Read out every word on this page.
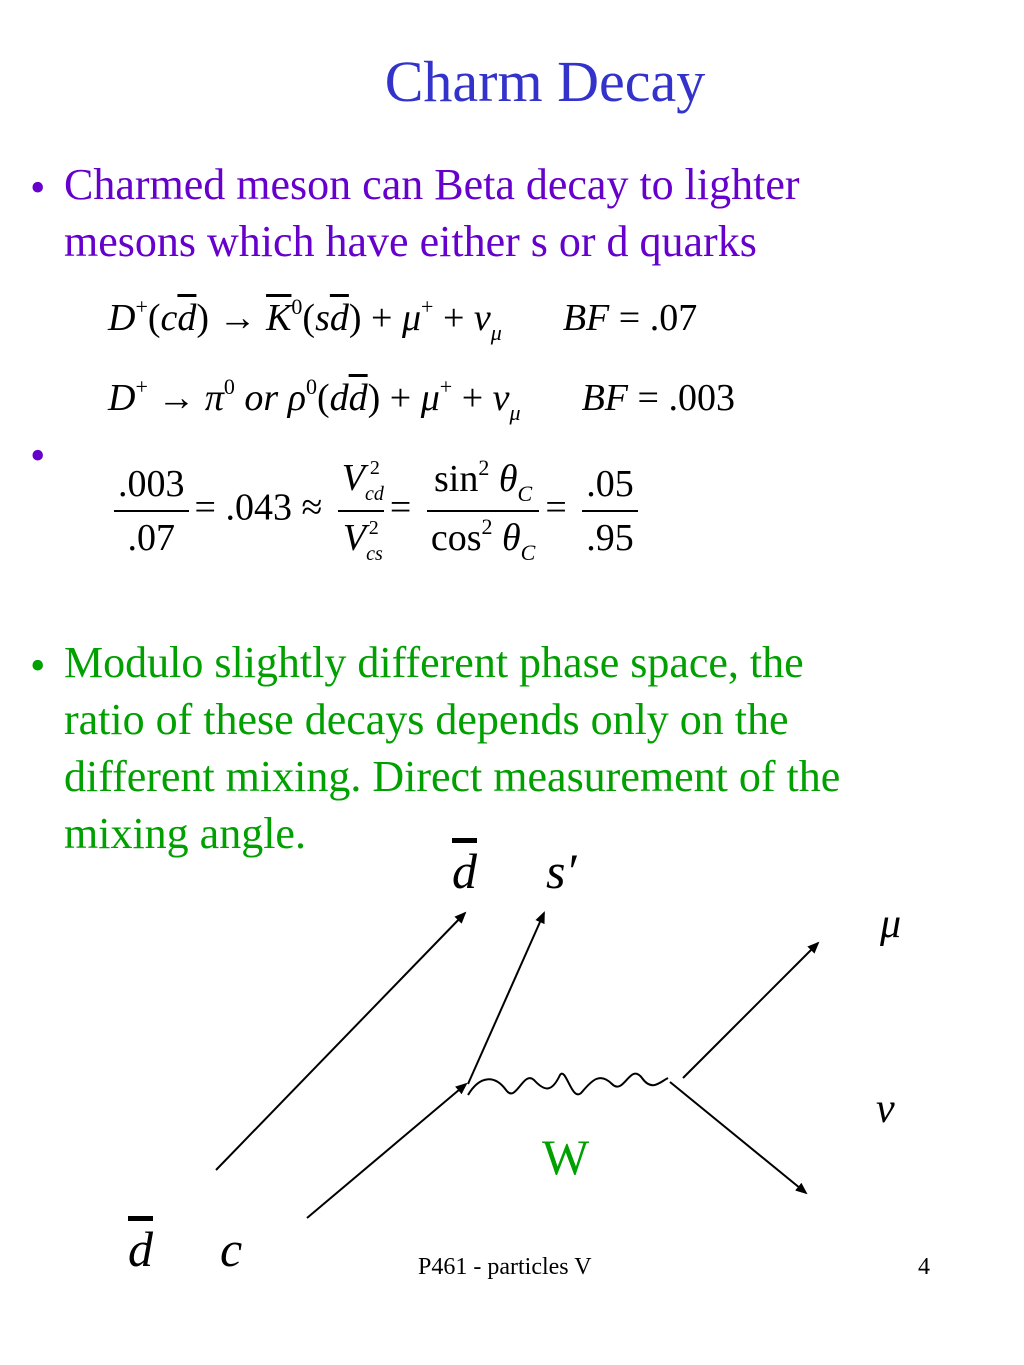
Charm Decay
• Charmed meson can Beta decay to lighter
mesons which have either s or d quarks
$D^+(c\overline{d}) \to \overline{K}^0(s\overline{d}) + \mu^+ + \nu_\mu$ BF = .07
$D^+ \to \pi^0$ or $\rho^0(d\overline{d}) + \mu^+ + \nu_\mu$ BF = .003
•
$\frac{.003}{.07} = .043 \approx \frac{V_{cd}^2}{V_{cs}^2} = \frac{\sin^2 \theta_C}{\cos^2 \theta_C} = \frac{.05}{.95}$
• Modulo slightly different phase space, the
ratio of these decays depends only on the
different mixing. Direct measurement of the
mixing angle.
$\overline{d}$ s′
μ
ν
W
$\overline{d}$ c	P461 - particles V	4
